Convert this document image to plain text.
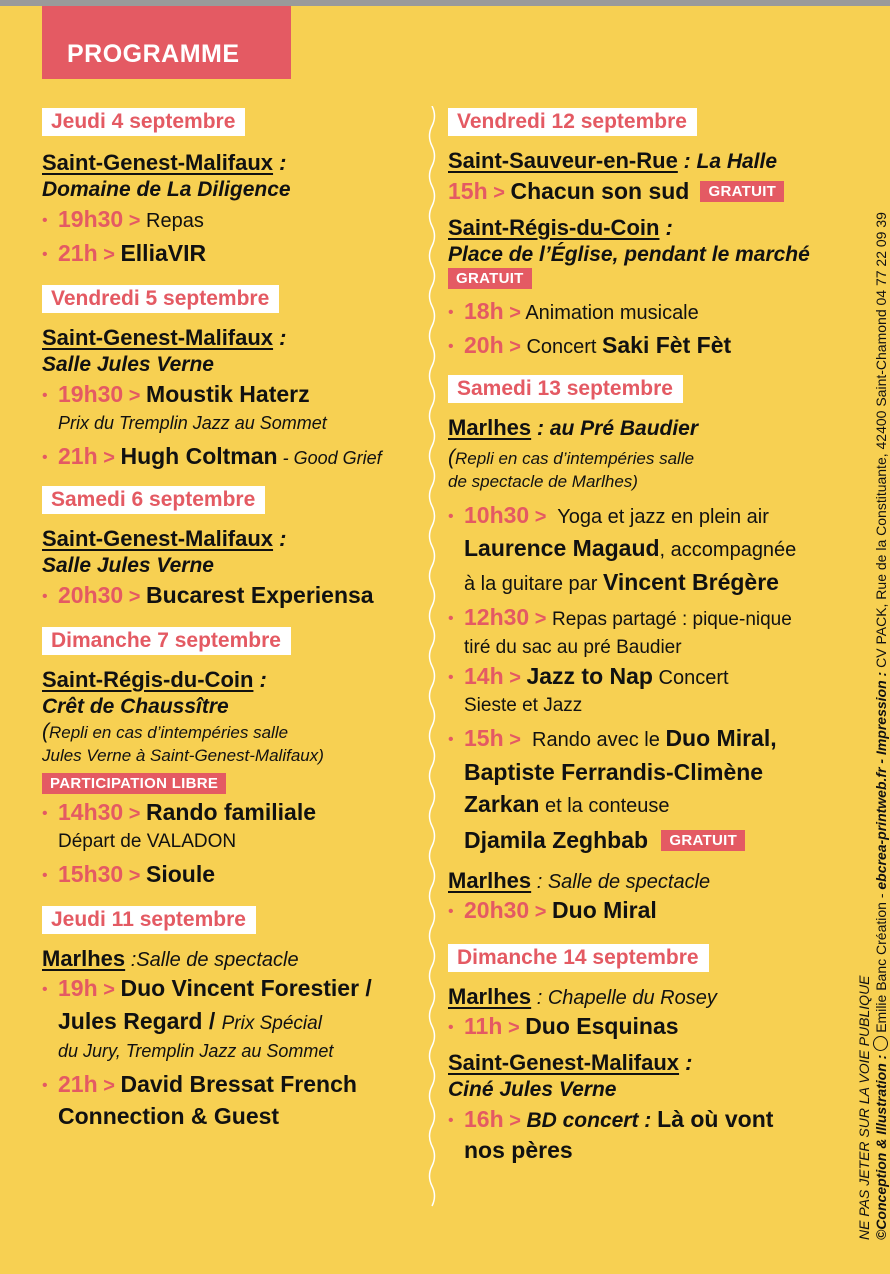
PROGRAMME
Jeudi 4 septembre
Saint-Genest-Malifaux :
Domaine de La Diligence
• 19h30 > Repas
• 21h > ElliaVIR
Vendredi 5 septembre
Saint-Genest-Malifaux :
Salle Jules Verne
• 19h30 > Moustik Haterz
Prix du Tremplin Jazz au Sommet
• 21h > Hugh Coltman - Good Grief
Samedi 6 septembre
Saint-Genest-Malifaux :
Salle Jules Verne
• 20h30 > Bucarest Experiensa
Dimanche 7 septembre
Saint-Régis-du-Coin :
Crêt de Chaussître
(Repli en cas d’intempéries salle
Jules Verne à Saint-Genest-Malifaux)
PARTICIPATION LIBRE
• 14h30 > Rando familiale
Départ de VALADON
• 15h30 > Sioule
Jeudi 11 septembre
Marlhes :Salle de spectacle
• 19h > Duo Vincent Forestier /
Jules Regard / Prix Spécial
du Jury, Tremplin Jazz au Sommet
• 21h > David Bressat French
Connection & Guest
Vendredi 12 septembre
Saint-Sauveur-en-Rue : La Halle
15h > Chacun son sud GRATUIT
Saint-Régis-du-Coin :
Place de l’Église, pendant le marché
GRATUIT
• 18h > Animation musicale
• 20h > Concert Saki Fèt Fèt
Samedi 13 septembre
Marlhes : au Pré Baudier
(Repli en cas d’intempéries salle
de spectacle de Marlhes)
• 10h30 > Yoga et jazz en plein air
Laurence Magaud, accompagnée
à la guitare par Vincent Brégère
• 12h30 > Repas partagé : pique-nique
tiré du sac au pré Baudier
• 14h > Jazz to Nap Concert
Sieste et Jazz
• 15h > Rando avec le Duo Miral,
Baptiste Ferrandis-Climène
Zarkan et la conteuse
Djamila Zeghbab GRATUIT
Marlhes : Salle de spectacle
• 20h30 > Duo Miral
Dimanche 14 septembre
Marlhes : Chapelle du Rosey
• 11h > Duo Esquinas
Saint-Genest-Malifaux :
Ciné Jules Verne
• 16h > BD concert : Là où vont
nos pères	NE PAS JETER SUR LA VOIE PUBLIQUE ©Conception & Illustration : Emilie Banc Création - ebcrea-printweb.fr - Impression : CV PACK, Rue de la Constituante, 42400 Saint-Chamond 04 77 22 09 39
